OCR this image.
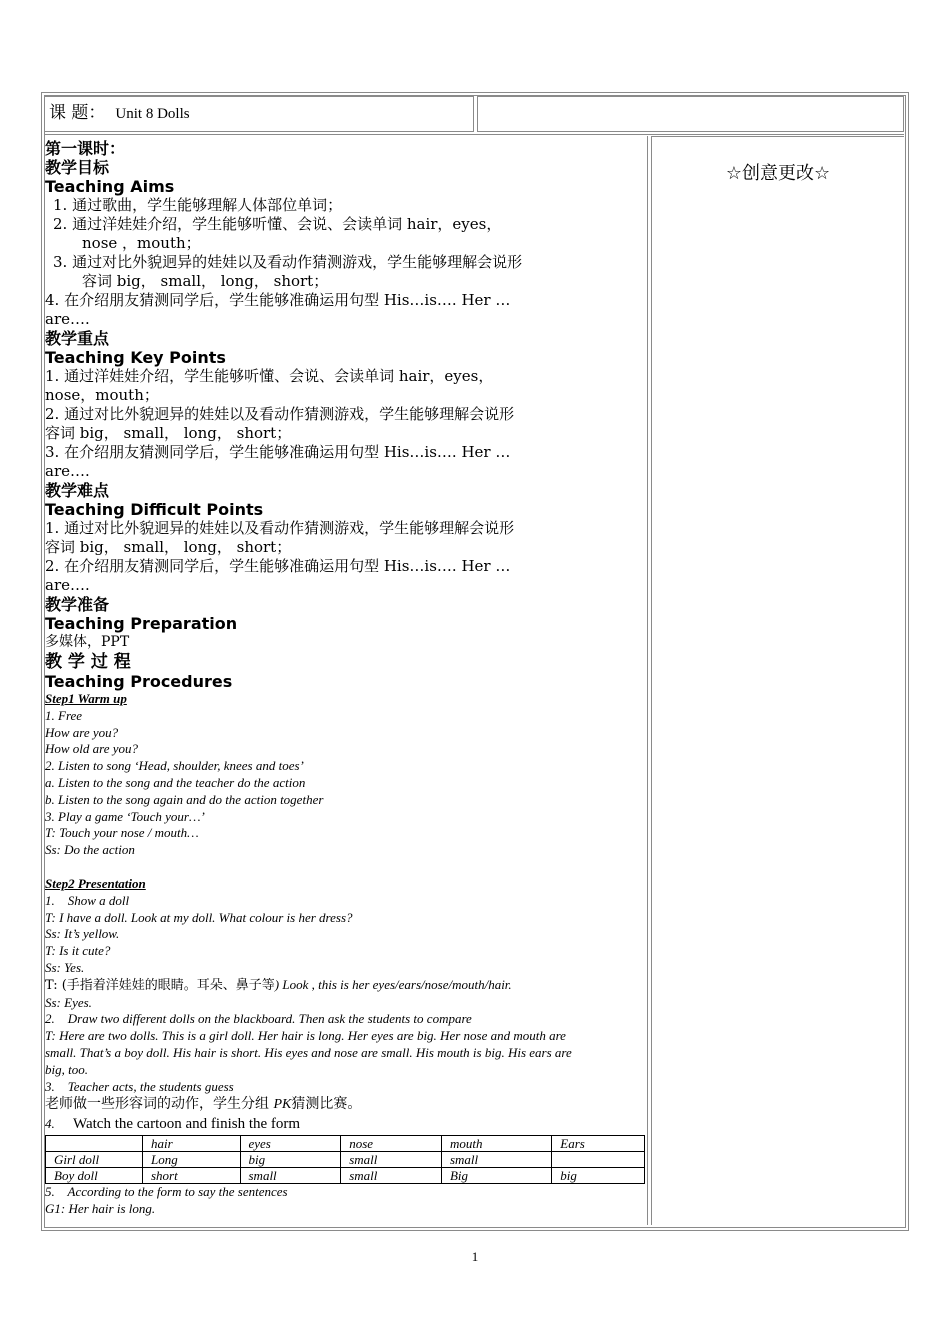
课 题： Unit 8 Dolls
☆创意更改☆
第一课时：
教学目标
Teaching Aims
1. 通过歌曲，学生能够理解人体部位单词；
2. 通过洋娃娃介绍，学生能够听懂、会说、会读单词 hair，eyes，
nose ，mouth；
3. 通过对比外貌迥异的娃娃以及看动作猜测游戏，学生能够理解会说形
容词 big， small， long， short；
4. 在介绍朋友猜测同学后，学生能够准确运用句型 His…is…. Her …
are….
教学重点
Teaching Key Points
1. 通过洋娃娃介绍，学生能够听懂、会说、会读单词 hair，eyes，
nose，mouth；
2. 通过对比外貌迥异的娃娃以及看动作猜测游戏，学生能够理解会说形
容词 big， small， long， short；
3. 在介绍朋友猜测同学后，学生能够准确运用句型 His…is…. Her …
are….
教学难点
Teaching Difficult Points
1. 通过对比外貌迥异的娃娃以及看动作猜测游戏，学生能够理解会说形
容词 big， small， long， short；
2. 在介绍朋友猜测同学后，学生能够准确运用句型 His…is…. Her …
are….
教学准备
Teaching Preparation
多媒体，PPT
教 学 过 程
Teaching Procedures
Step1 Warm up
1. Free
How are you?
How old are you?
2. Listen to song ‘Head, shoulder, knees and toes’
a. Listen to the song and the teacher do the action
b. Listen to the song again and do the action together
3. Play a game ‘Touch your…’
T: Touch your nose / mouth…
Ss: Do the action
Step2 Presentation
1.    Show a doll
T: I have a doll. Look at my doll. What colour is her dress?
Ss: It’s yellow.
T: Is it cute?
Ss: Yes.
T: (手指着洋娃娃的眼睛。耳朵、鼻子等) Look , this is her eyes/ears/nose/mouth/hair.
Ss: Eyes.
2.    Draw two different dolls on the blackboard. Then ask the students to compare
T: Here are two dolls. This is a girl doll. Her hair is long. Her eyes are big. Her nose and mouth are
small. That’s a boy doll. His hair is short. His eyes and nose are small. His mouth is big. His ears are
big, too.
3.    Teacher acts, the students guess
老师做一些形容词的动作，学生分组 PK猜测比赛。
4. Watch the cartoon and finish the form
	hair	eyes	nose	mouth	Ears
Girl doll	Long	big	small	small	
Boy doll	short	small	small	Big	big
5.    According to the form to say the sentences
G1: Her hair is long.
1
